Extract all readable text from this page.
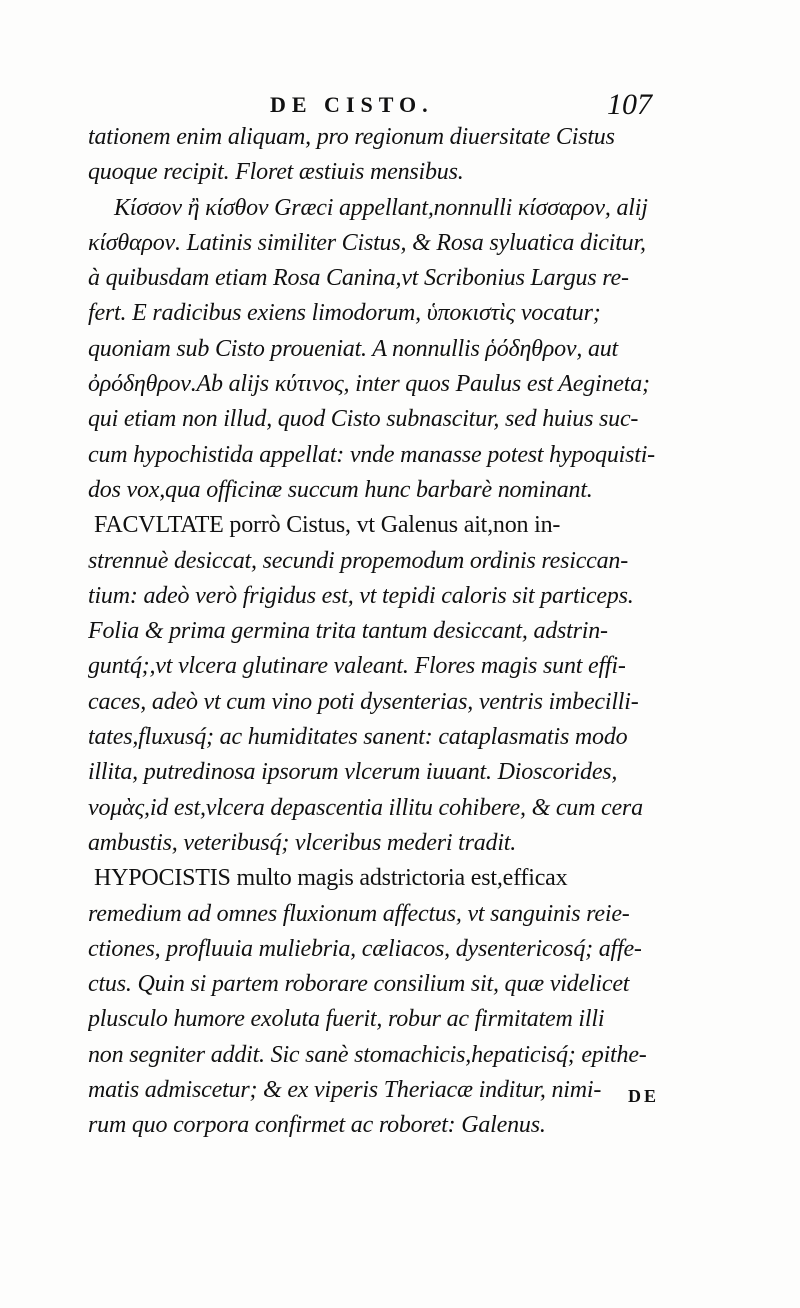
DE CISTO.	107
tationem enim aliquam, pro regionum diuersitate Cistus
quoque recipit. Floret æstiuis mensibus.
Κίσσον ἢ κίσθον Græci appellant,nonnulli κίσσαρον, alij
κίσθαρον. Latinis similiter Cistus, & Rosa syluatica dicitur,
à quibusdam etiam Rosa Canina,vt Scribonius Largus re-
fert. E radicibus exiens limodorum, ὑποκιστὶς vocatur;
quoniam sub Cisto proueniat. A nonnullis ῥόδηθρον, aut
ὀρόδηθρον.Ab alijs κύτινος, inter quos Paulus est Aegineta;
qui etiam non illud, quod Cisto subnascitur, sed huius suc-
cum hypochistida appellat: vnde manasse potest hypoquisti-
dos vox,qua officinæ succum hunc barbarè nominant.
FACVLTATE porrò Cistus, vt Galenus ait,non in-
strennuè desiccat, secundi propemodum ordinis resiccan-
tium: adeò verò frigidus est, vt tepidi caloris sit particeps.
Folia & prima germina trita tantum desiccant, adstrin-
guntq́;,vt vlcera glutinare valeant. Flores magis sunt effi-
caces, adeò vt cum vino poti dysenterias, ventris imbecilli-
tates,fluxusq́; ac humiditates sanent: cataplasmatis modo
illita, putredinosa ipsorum vlcerum iuuant. Dioscorides,
νομὰς,id est,vlcera depascentia illitu cohibere, & cum cera
ambustis, veteribusq́; vlceribus mederi tradit.
HYPOCISTIS multo magis adstrictoria est,efficax
remedium ad omnes fluxionum affectus, vt sanguinis reie-
ctiones, profluuia muliebria, cæliacos, dysentericosq́; affe-
ctus. Quin si partem roborare consilium sit, quæ videlicet
plusculo humore exoluta fuerit, robur ac firmitatem illi
non segniter addit. Sic sanè stomachicis,hepaticisq́; epithe-
matis admiscetur; & ex viperis Theriacæ inditur, nimi-
rum quo corpora confirmet ac roboret: Galenus.
DE
